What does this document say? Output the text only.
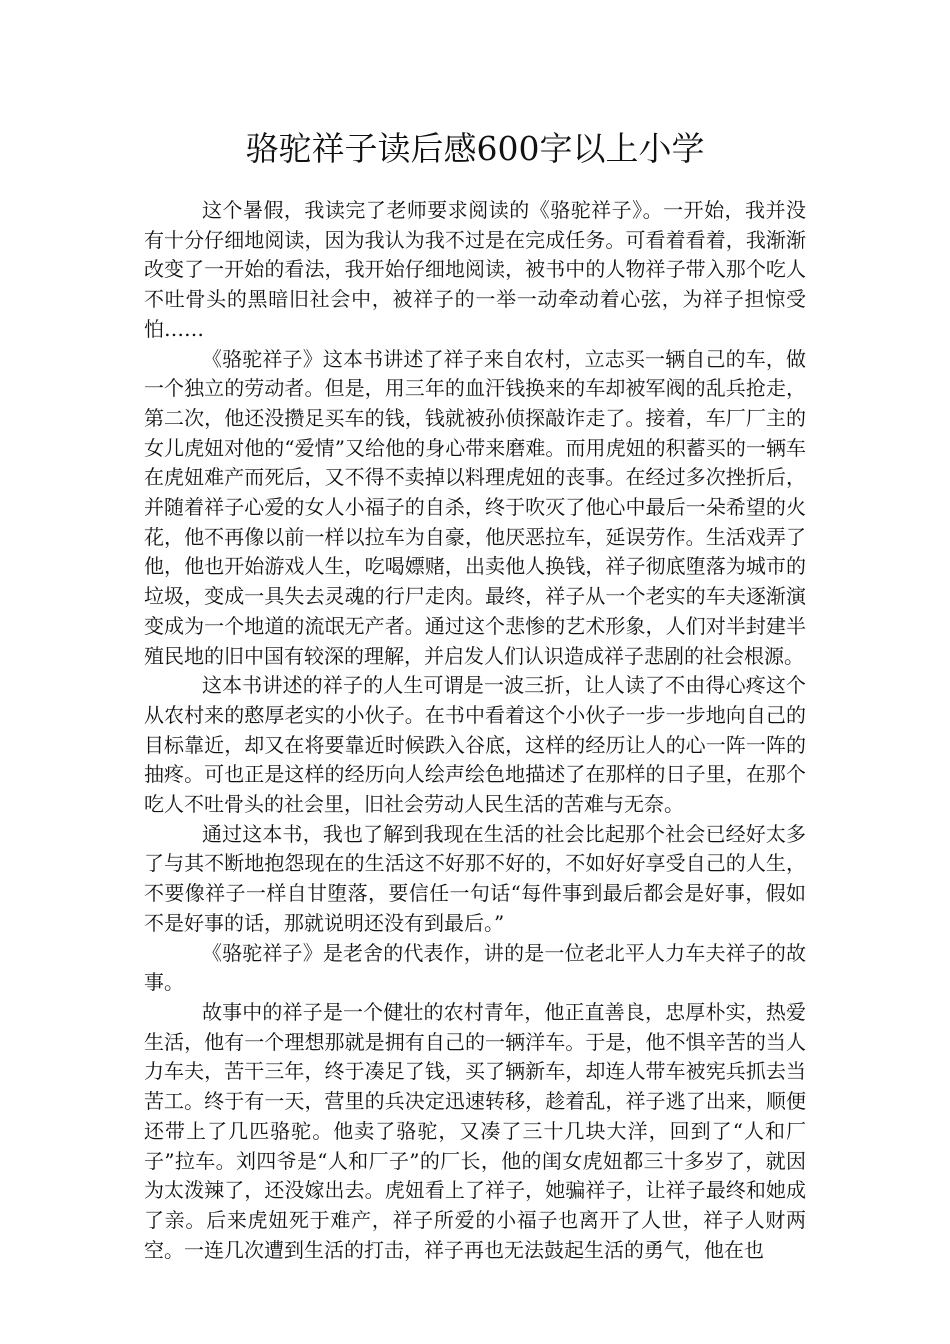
骆驼祥子读后感600字以上小学

这个暑假，我读完了老师要求阅读的《骆驼祥子》。一开始，我并没有十分仔细地阅读，因为我认为我不过是在完成任务。可看着看着，我渐渐改变了一开始的看法，我开始仔细地阅读，被书中的人物祥子带入那个吃人不吐骨头的黑暗旧社会中，被祥子的一举一动牵动着心弦，为祥子担惊受怕……

《骆驼祥子》这本书讲述了祥子来自农村，立志买一辆自己的车，做一个独立的劳动者。但是，用三年的血汗钱换来的车却被军阀的乱兵抢走，第二次，他还没攒足买车的钱，钱就被孙侦探敲诈走了。接着，车厂厂主的女儿虎妞对他的“爱情”又给他的身心带来磨难。而用虎妞的积蓄买的一辆车在虎妞难产而死后，又不得不卖掉以料理虎妞的丧事。在经过多次挫折后，并随着祥子心爱的女人小福子的自杀，终于吹灭了他心中最后一朵希望的火花，他不再像以前一样以拉车为自豪，他厌恶拉车，延误劳作。生活戏弄了他，他也开始游戏人生，吃喝嫖赌，出卖他人换钱，祥子彻底堕落为城市的垃圾，变成一具失去灵魂的行尸走肉。最终，祥子从一个老实的车夫逐渐演变成为一个地道的流氓无产者。通过这个悲惨的艺术形象，人们对半封建半殖民地的旧中国有较深的理解，并启发人们认识造成祥子悲剧的社会根源。

这本书讲述的祥子的人生可谓是一波三折，让人读了不由得心疼这个从农村来的憨厚老实的小伙子。在书中看着这个小伙子一步一步地向自己的目标靠近，却又在将要靠近时候跌入谷底，这样的经历让人的心一阵一阵的抽疼。可也正是这样的经历向人绘声绘色地描述了在那样的日子里，在那个吃人不吐骨头的社会里，旧社会劳动人民生活的苦难与无奈。

通过这本书，我也了解到我现在生活的社会比起那个社会已经好太多了与其不断地抱怨现在的生活这不好那不好的，不如好好享受自己的人生，不要像祥子一样自甘堕落，要信任一句话“每件事到最后都会是好事，假如不是好事的话，那就说明还没有到最后。”

《骆驼祥子》是老舍的代表作，讲的是一位老北平人力车夫祥子的故事。

故事中的祥子是一个健壮的农村青年，他正直善良，忠厚朴实，热爱生活，他有一个理想那就是拥有自己的一辆洋车。于是，他不惧辛苦的当人力车夫，苦干三年，终于凑足了钱，买了辆新车，却连人带车被宪兵抓去当苦工。终于有一天，营里的兵决定迅速转移，趁着乱，祥子逃了出来，顺便还带上了几匹骆驼。他卖了骆驼，又凑了三十几块大洋，回到了“人和厂子”拉车。刘四爷是“人和厂子”的厂长，他的闺女虎妞都三十多岁了，就因为太泼辣了，还没嫁出去。虎妞看上了祥子，她骗祥子，让祥子最终和她成了亲。后来虎妞死于难产，祥子所爱的小福子也离开了人世，祥子人财两空。一连几次遭到生活的打击，祥子再也无法鼓起生活的勇气，他在也
